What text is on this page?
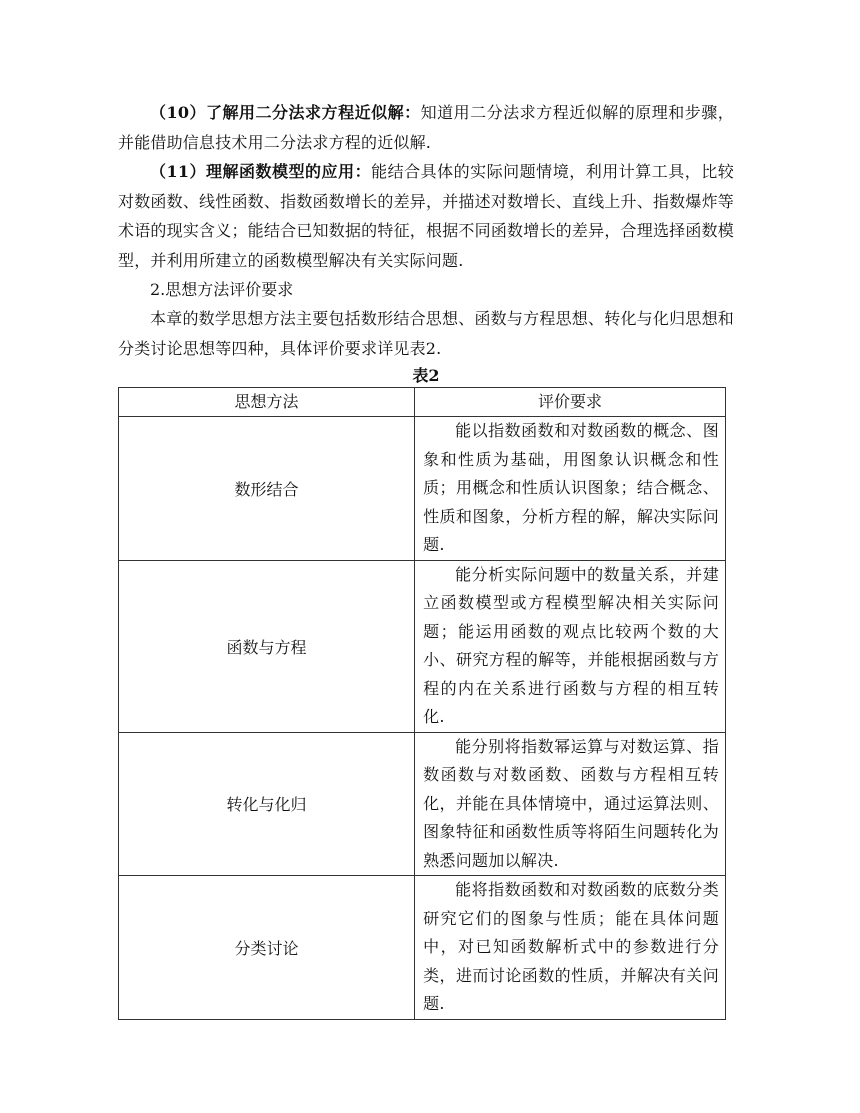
（10）了解用二分法求方程近似解：知道用二分法求方程近似解的原理和步骤，并能借助信息技术用二分法求方程的近似解.

（11）理解函数模型的应用：能结合具体的实际问题情境，利用计算工具，比较对数函数、线性函数、指数函数增长的差异，并描述对数增长、直线上升、指数爆炸等术语的现实含义；能结合已知数据的特征，根据不同函数增长的差异，合理选择函数模型，并利用所建立的函数模型解决有关实际问题.

2.思想方法评价要求

本章的数学思想方法主要包括数形结合思想、函数与方程思想、转化与化归思想和分类讨论思想等四种，具体评价要求详见表2.

表2
思想方法	评价要求
数形结合	能以指数函数和对数函数的概念、图象和性质为基础，用图象认识概念和性质；用概念和性质认识图象；结合概念、性质和图象，分析方程的解，解决实际问题.
函数与方程	能分析实际问题中的数量关系，并建立函数模型或方程模型解决相关实际问题；能运用函数的观点比较两个数的大小、研究方程的解等，并能根据函数与方程的内在关系进行函数与方程的相互转化.
转化与化归	能分别将指数幂运算与对数运算、指数函数与对数函数、函数与方程相互转化，并能在具体情境中，通过运算法则、图象特征和函数性质等将陌生问题转化为熟悉问题加以解决.
分类讨论	能将指数函数和对数函数的底数分类研究它们的图象与性质；能在具体问题中，对已知函数解析式中的参数进行分类，进而讨论函数的性质，并解决有关问题.
